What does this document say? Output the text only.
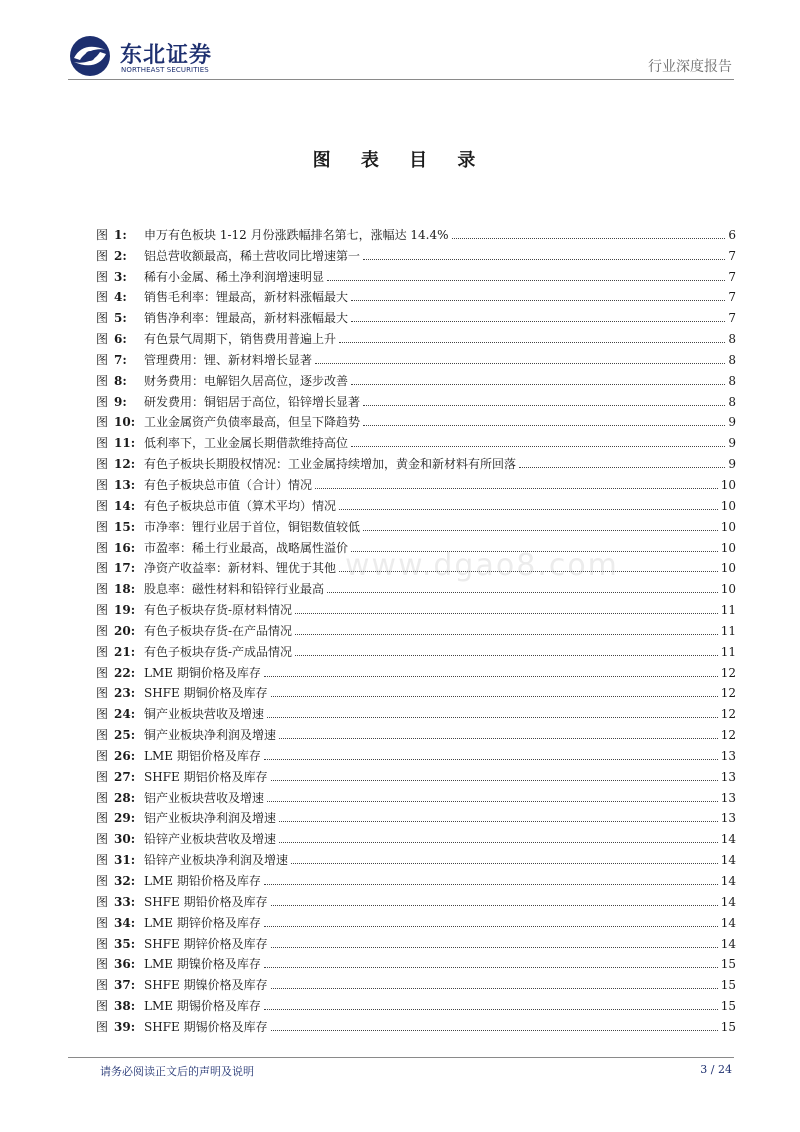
东北证券
NORTHEAST SECURITIES	行业深度报告
图 表 目 录
图 1:	申万有色板块 1-12 月份涨跌幅排名第七，涨幅达 14.4%	6
图 2:	铝总营收额最高，稀土营收同比增速第一	7
图 3:	稀有小金属、稀土净利润增速明显	7
图 4:	销售毛利率：锂最高，新材料涨幅最大	7
图 5:	销售净利率：锂最高，新材料涨幅最大	7
图 6:	有色景气周期下，销售费用普遍上升	8
图 7:	管理费用：锂、新材料增长显著	8
图 8:	财务费用：电解铝久居高位，逐步改善	8
图 9:	研发费用：铜铝居于高位，铅锌增长显著	8
图 10: 工业金属资产负债率最高，但呈下降趋势	9
图 11: 低利率下，工业金属长期借款维持高位	9
图 12: 有色子板块长期股权情况：工业金属持续增加，黄金和新材料有所回落	9
图 13: 有色子板块总市值（合计）情况	10
图 14: 有色子板块总市值（算术平均）情况	10
图 15: 市净率：锂行业居于首位，铜铝数值较低	10
图 16: 市盈率：稀土行业最高，战略属性溢价	10
图 17: 净资产收益率：新材料、锂优于其他	10
图 18: 股息率：磁性材料和铅锌行业最高	10
图 19: 有色子板块存货-原材料情况	11
图 20: 有色子板块存货-在产品情况	11
图 21: 有色子板块存货-产成品情况	11
图 22: LME 期铜价格及库存	12
图 23: SHFE 期铜价格及库存	12
图 24: 铜产业板块营收及增速	12
图 25: 铜产业板块净利润及增速	12
图 26: LME 期铝价格及库存	13
图 27: SHFE 期铝价格及库存	13
图 28: 铝产业板块营收及增速	13
图 29: 铝产业板块净利润及增速	13
图 30: 铅锌产业板块营收及增速	14
图 31: 铅锌产业板块净利润及增速	14
图 32: LME 期铅价格及库存	14
图 33: SHFE 期铅价格及库存	14
图 34: LME 期锌价格及库存	14
图 35: SHFE 期锌价格及库存	14
图 36: LME 期镍价格及库存	15
图 37: SHFE 期镍价格及库存	15
图 38: LME 期锡价格及库存	15
图 39: SHFE 期锡价格及库存	15
www.dgao8.com
请务必阅读正文后的声明及说明	3 / 24
